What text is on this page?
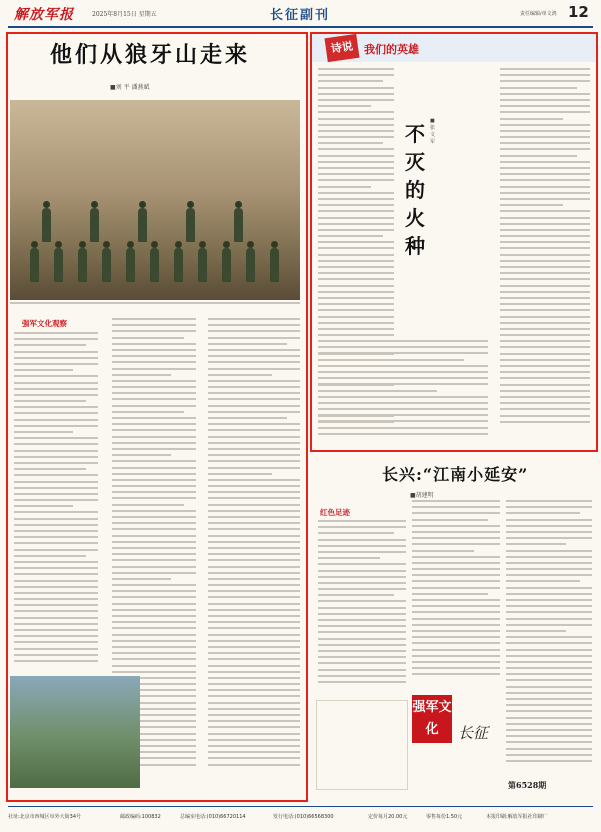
解放军报	2025年8月15日 星期五	长征副刊	责任编辑/单文鸿 12
他们从狼牙山走来
■刘 平 潘燕斌
强军文化观察
诗说 我们的英雄
不灭的火种
■张文军
长兴:“江南小延安”
■胡建明
红色足迹
强军文化	长征
第6528期
社址:北京市西城区阜外大街34号	邮政编码:100832	总编室电话:(010)66720114	发行电话:(010)66568300	定价每月20.00元	零售每份1.50元	本报印刷:解放军报社印刷厂
